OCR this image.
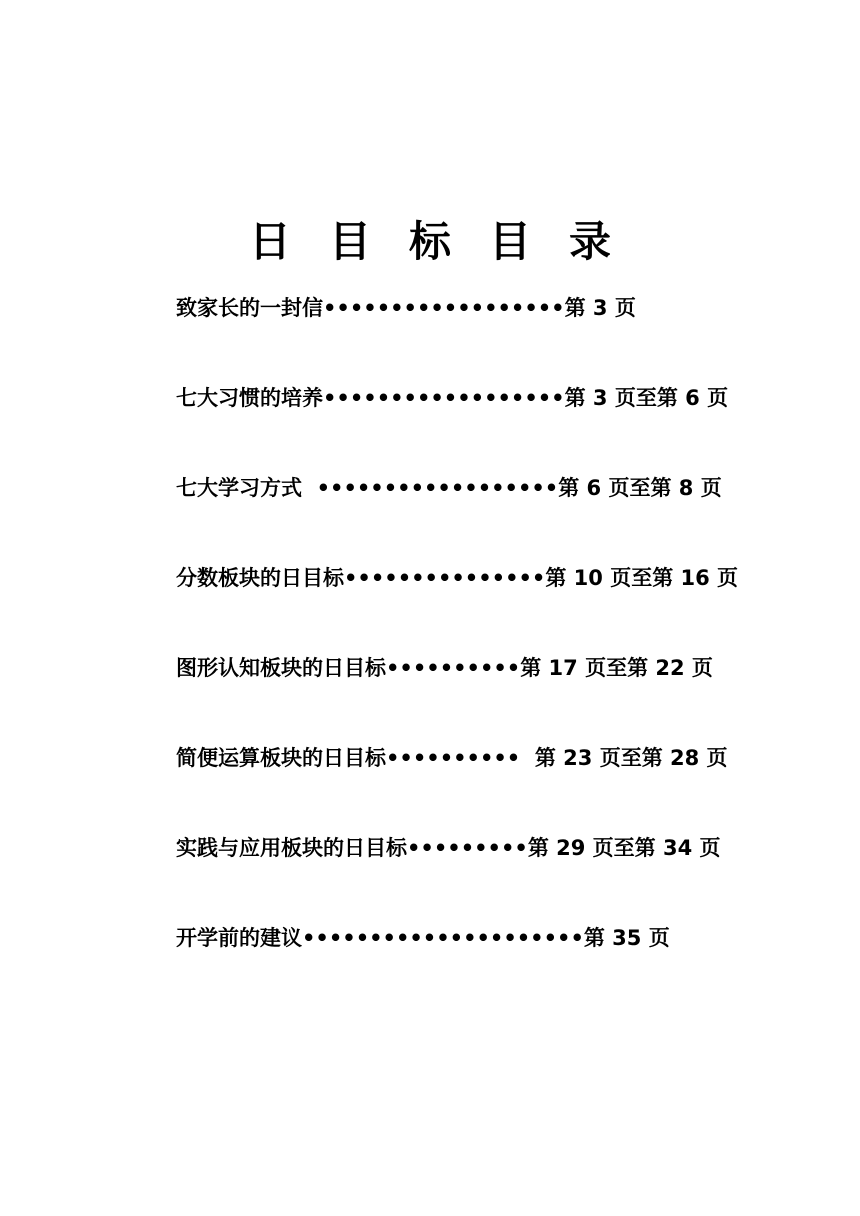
日 目 标 目 录
致家长的一封信••••••••••••••••••第 3 页
七大习惯的培养••••••••••••••••••第 3 页至第 6 页
七大学习方式  ••••••••••••••••••第 6 页至第 8 页
分数板块的日目标•••••••••••••••第 10 页至第 16 页
图形认知板块的日目标••••••••••第 17 页至第 22 页
简便运算板块的日目标••••••••••  第 23 页至第 28 页
实践与应用板块的日目标•••••••••第 29 页至第 34 页
开学前的建议•••••••••••••••••••••第 35 页
